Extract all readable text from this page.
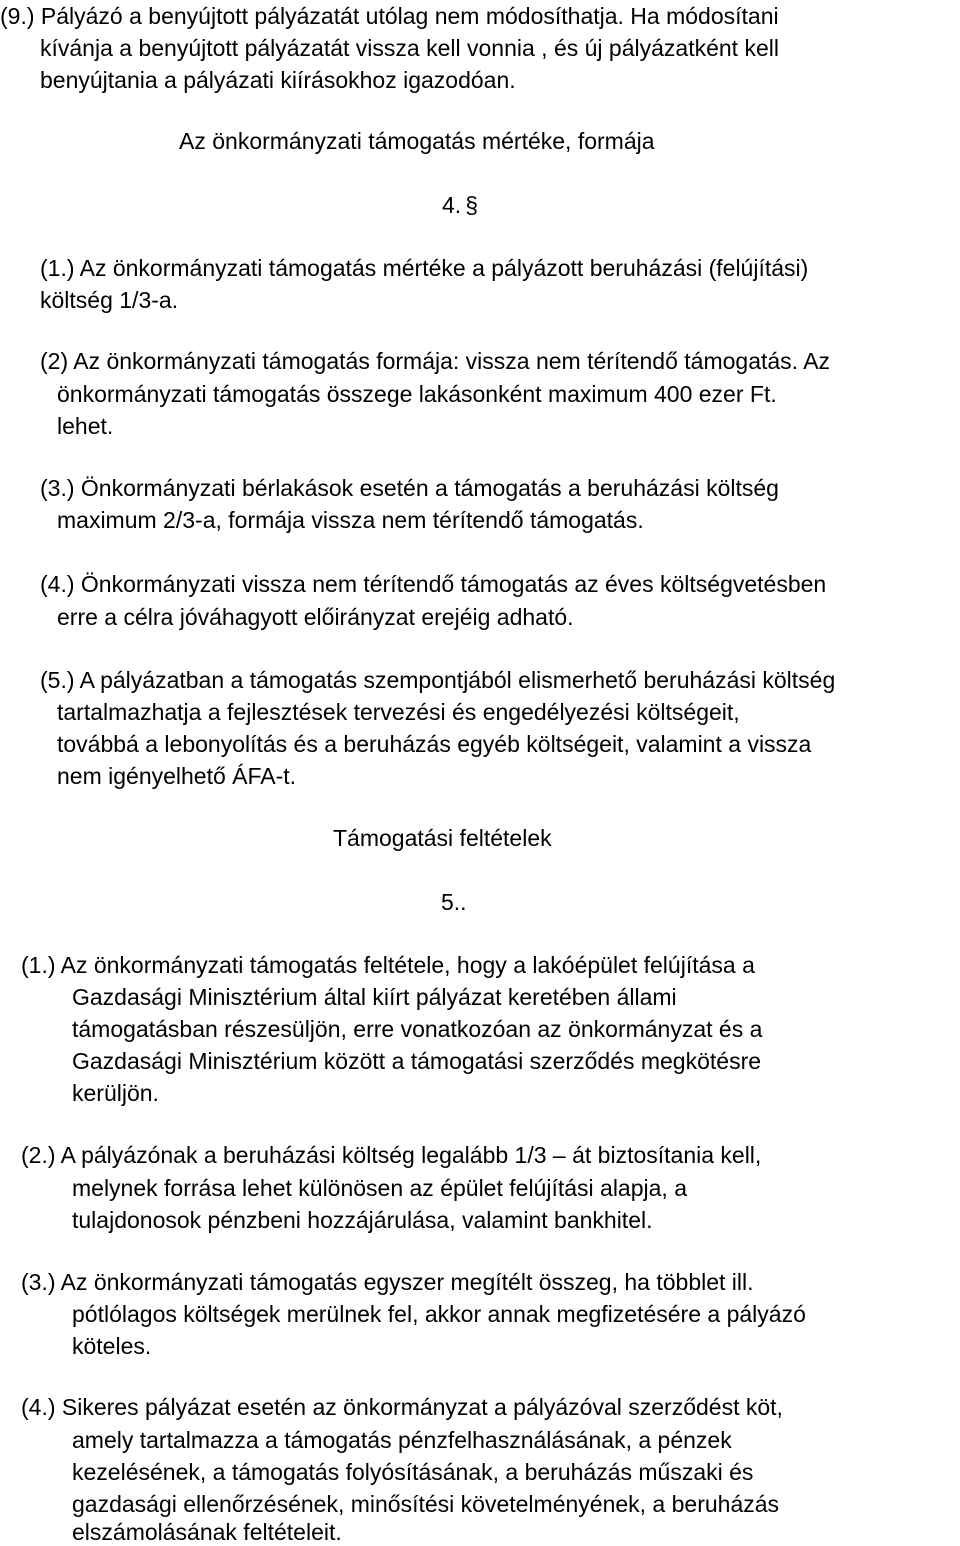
(9.) Pályázó a benyújtott pályázatát utólag nem módosíthatja. Ha módosítani
kívánja a benyújtott pályázatát vissza kell vonnia , és új pályázatként kell
benyújtania a pályázati kiírásokhoz igazodóan.
Az önkormányzati támogatás mértéke, formája
4. §
(1.) Az önkormányzati támogatás mértéke a pályázott beruházási (felújítási)
költség 1/3-a.
(2) Az önkormányzati támogatás formája: vissza nem térítendő támogatás. Az
önkormányzati támogatás összege lakásonként maximum 400 ezer Ft.
lehet.
(3.) Önkormányzati bérlakások esetén a támogatás a beruházási költség
maximum 2/3-a, formája vissza nem térítendő támogatás.
(4.) Önkormányzati vissza nem térítendő támogatás az éves költségvetésben
erre a célra jóváhagyott előirányzat erejéig adható.
(5.) A pályázatban a támogatás szempontjából elismerhető beruházási költség
tartalmazhatja a fejlesztések tervezési és engedélyezési költségeit,
továbbá a lebonyolítás és a beruházás egyéb költségeit, valamint a vissza
nem igényelhető ÁFA-t.
Támogatási feltételek
5..
(1.) Az önkormányzati támogatás feltétele, hogy a lakóépület felújítása a
Gazdasági Minisztérium által kiírt pályázat keretében állami
támogatásban részesüljön, erre vonatkozóan az önkormányzat és a
Gazdasági Minisztérium között a támogatási szerződés megkötésre
kerüljön.
(2.) A pályázónak a beruházási költség legalább 1/3 – át biztosítania kell,
melynek forrása lehet különösen az épület felújítási alapja, a
tulajdonosok pénzbeni hozzájárulása, valamint bankhitel.
(3.) Az önkormányzati támogatás egyszer megítélt összeg, ha többlet ill.
pótlólagos költségek merülnek fel, akkor annak megfizetésére a pályázó
köteles.
(4.) Sikeres pályázat esetén az önkormányzat a pályázóval szerződést köt,
amely tartalmazza a támogatás pénzfelhasználásának, a pénzek
kezelésének, a támogatás folyósításának, a beruházás műszaki és
gazdasági ellenőrzésének, minősítési követelményének, a beruházás
elszámolásának feltételeit.
